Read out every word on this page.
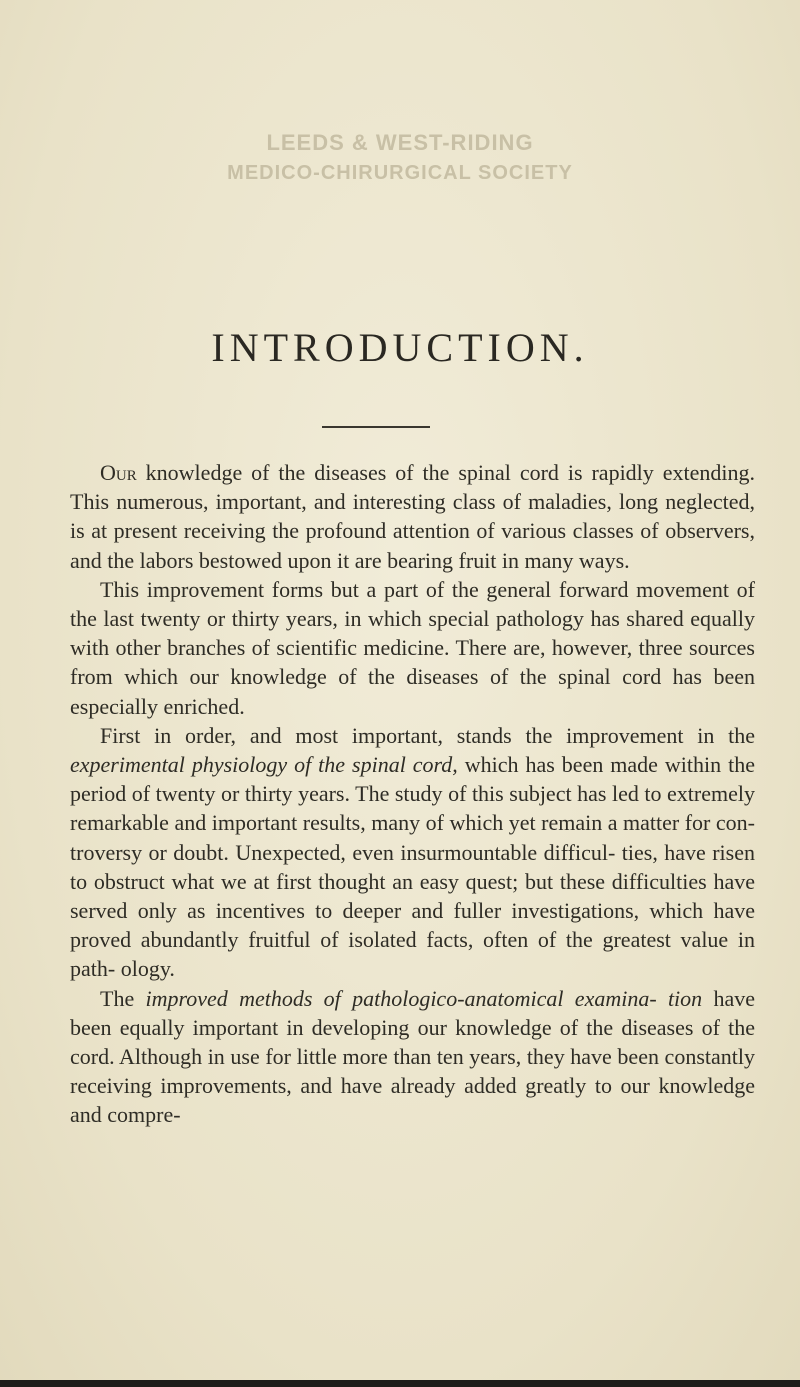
LEEDS & WEST-RIDING
MEDICO-CHIRURGICAL SOCIETY
INTRODUCTION.

Our knowledge of the diseases of the spinal cord is rapidly extending. This numerous, important, and interesting class of maladies, long neglected, is at present receiving the profound attention of various classes of observers, and the labors bestowed upon it are bearing fruit in many ways.

This improvement forms but a part of the general forward movement of the last twenty or thirty years, in which special pathology has shared equally with other branches of scientific medicine. There are, however, three sources from which our knowledge of the diseases of the spinal cord has been especially enriched.

First in order, and most important, stands the improvement in the experimental physiology of the spinal cord, which has been made within the period of twenty or thirty years. The study of this subject has led to extremely remarkable and important results, many of which yet remain a matter for con- troversy or doubt. Unexpected, even insurmountable difficul- ties, have risen to obstruct what we at first thought an easy quest; but these difficulties have served only as incentives to deeper and fuller investigations, which have proved abundantly fruitful of isolated facts, often of the greatest value in path- ology.

The improved methods of pathologico-anatomical examina- tion have been equally important in developing our knowledge of the diseases of the cord. Although in use for little more than ten years, they have been constantly receiving improvements, and have already added greatly to our knowledge and compre-
